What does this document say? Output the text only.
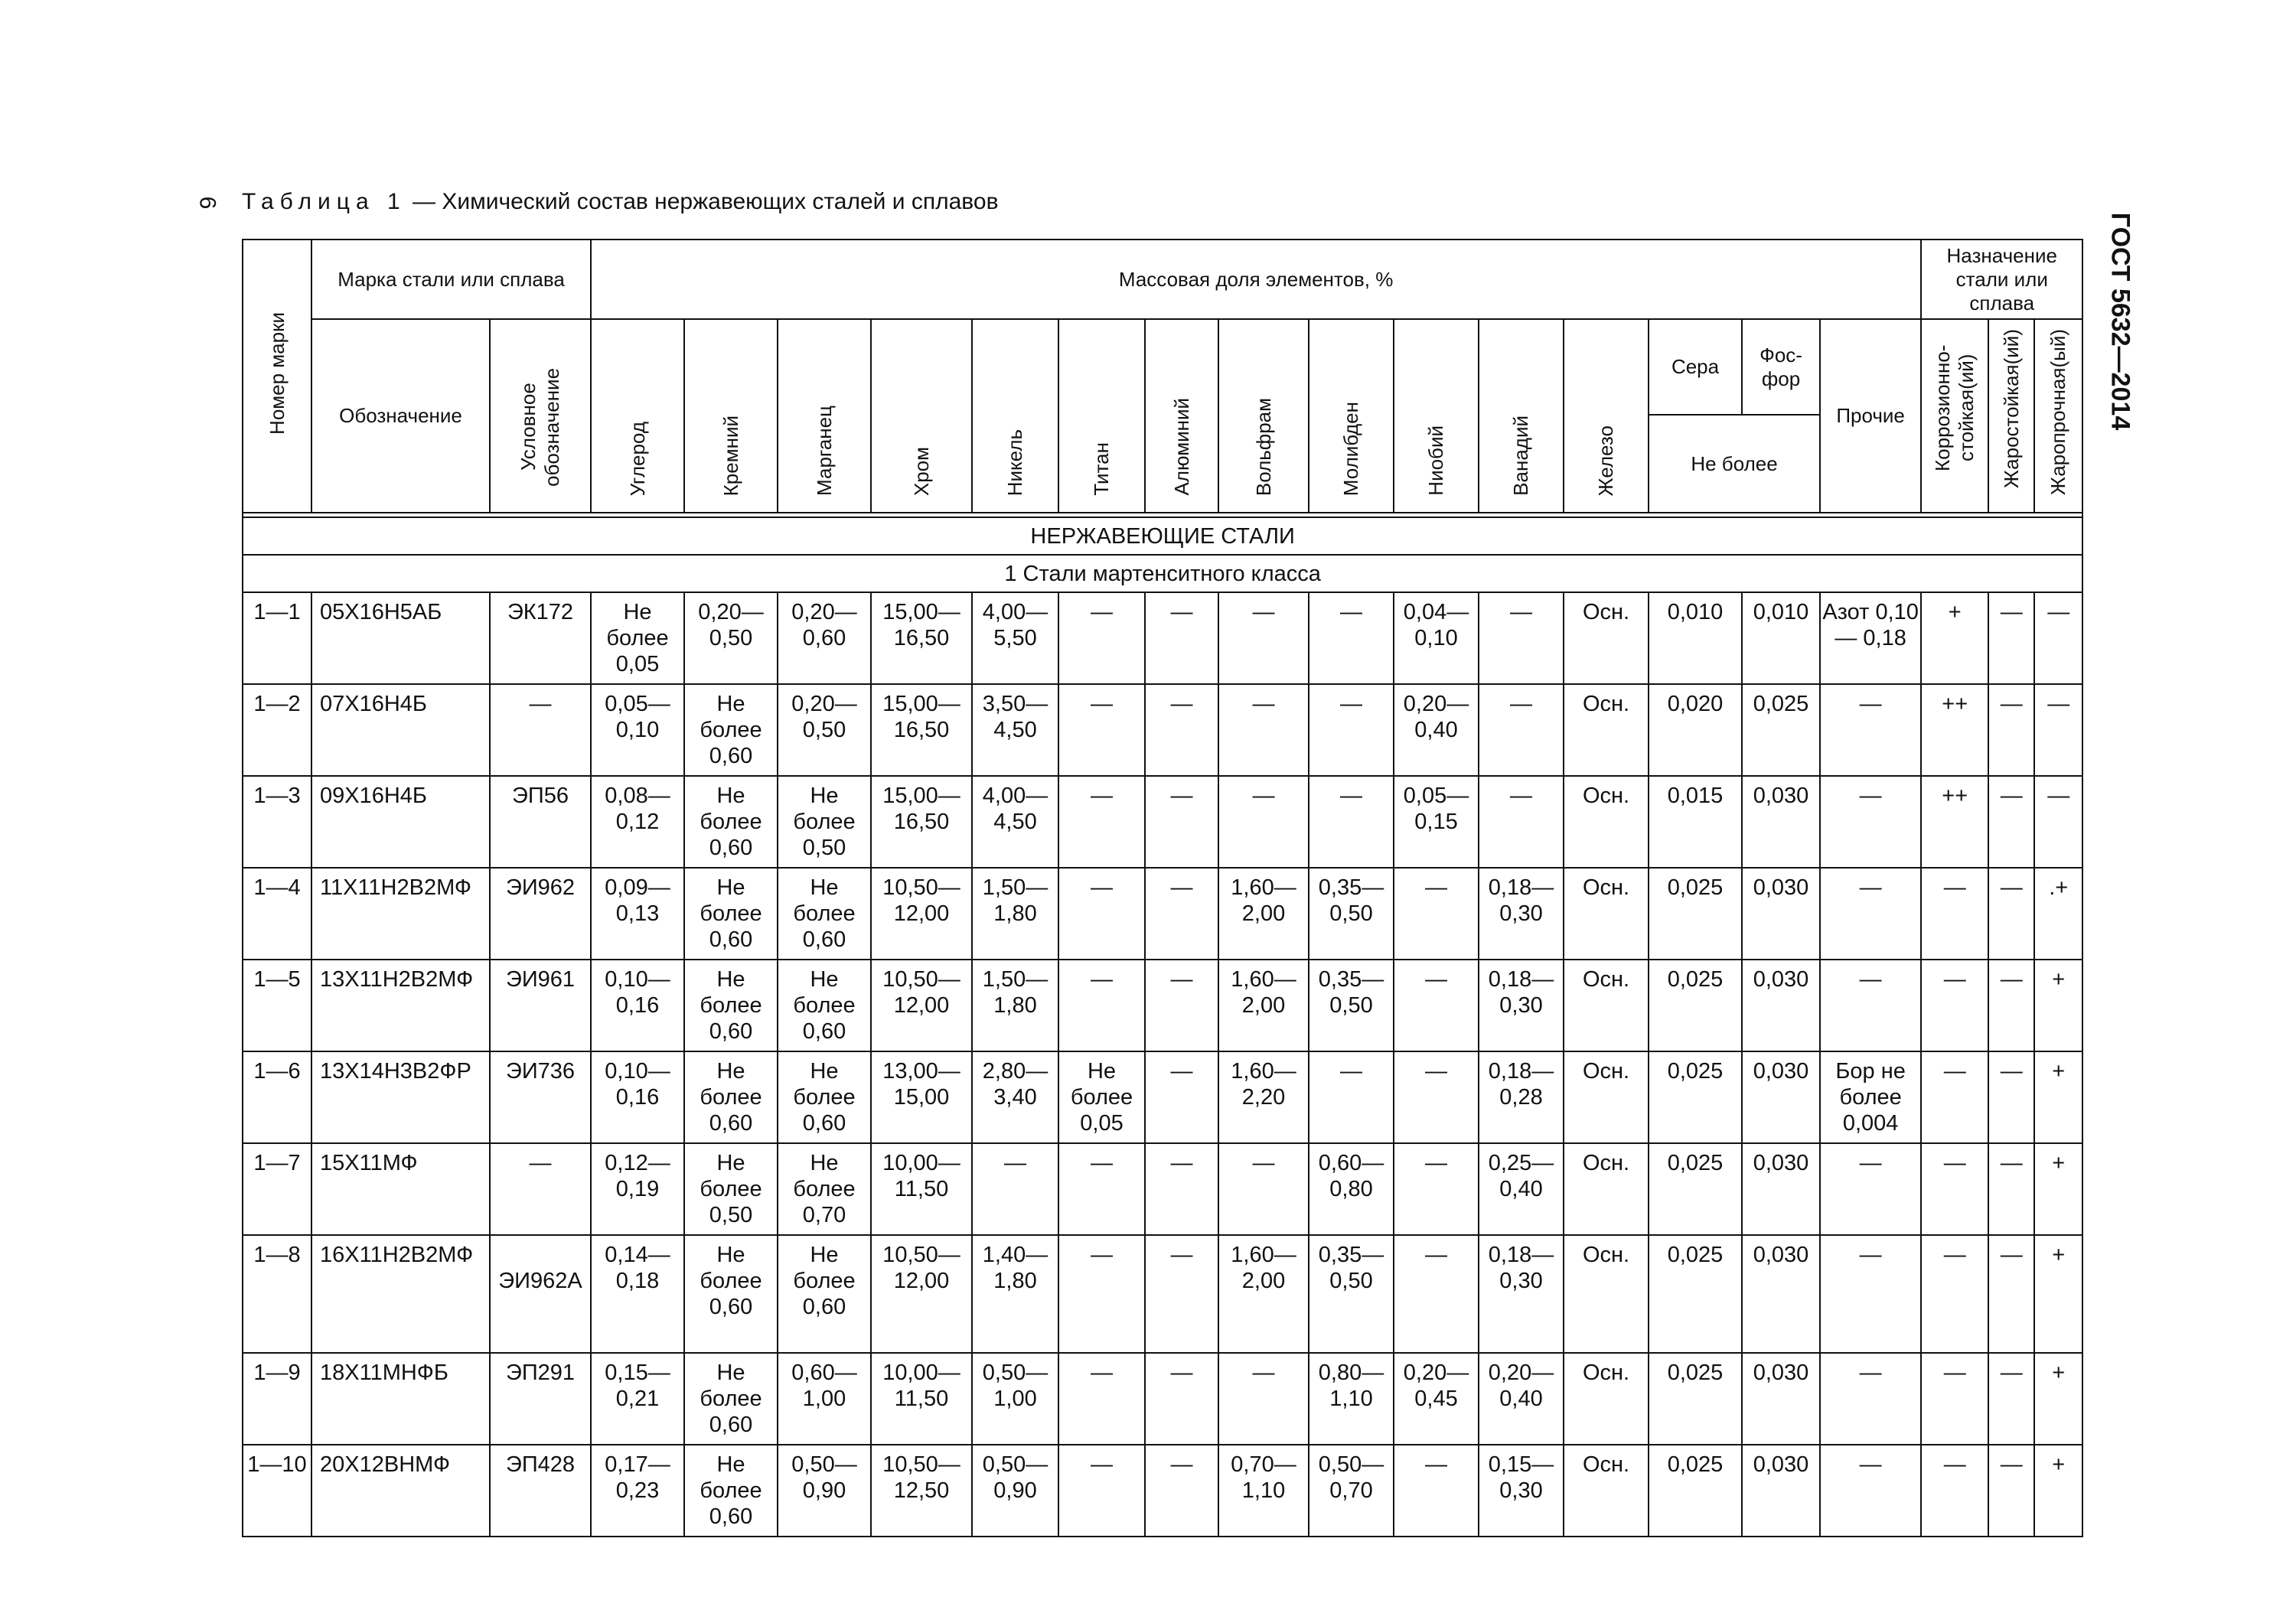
6 Таблица 1 — Химический состав нержавеющих сталей и сплавов
ГОСТ 5632—2014
Номер марки	Марка стали или сплава		Массовая доля элементов, %															Назначение стали или сплава		
	Обозначение	Условное обозначение	Углерод	Кремний	Марганец	Хром	Никель	Титан	Алюминий	Вольфрам	Молибден	Ниобий	Ванадий	Железо	Сера	Фос-фор	Прочие	Коррозионно-стойкая(ий)	Жаростойкая(ий)	Жаропрочная(ый)
															Не более					

НЕРЖАВЕЮЩИЕ СТАЛИ																				
1 Стали мартенситного класса																				
1—1	05Х16Н5АБ	ЭК172	Не более 0,05	0,20— 0,50	0,20— 0,60	15,00— 16,50	4,00— 5,50	—	—	—	—	0,04— 0,10	—	Осн.	0,010	0,010	Азот 0,10— 0,18	+	—	—
1—2	07Х16Н4Б	—	0,05— 0,10	Не более 0,60	0,20— 0,50	15,00— 16,50	3,50— 4,50	—	—	—	—	0,20— 0,40	—	Осн.	0,020	0,025	—	++	—	—
1—3	09Х16Н4Б	ЭП56	0,08— 0,12	Не более 0,60	Не более 0,50	15,00— 16,50	4,00— 4,50	—	—	—	—	0,05— 0,15	—	Осн.	0,015	0,030	—	++	—	—
1—4	11Х11Н2В2МФ	ЭИ962	0,09— 0,13	Не более 0,60	Не более 0,60	10,50— 12,00	1,50— 1,80	—	—	1,60— 2,00	0,35— 0,50	—	0,18— 0,30	Осн.	0,025	0,030	—	—	—	.+
1—5	13Х11Н2В2МФ	ЭИ961	0,10— 0,16	Не более 0,60	Не более 0,60	10,50— 12,00	1,50— 1,80	—	—	1,60— 2,00	0,35— 0,50	—	0,18— 0,30	Осн.	0,025	0,030	—	—	—	+
1—6	13Х14Н3В2ФР	ЭИ736	0,10— 0,16	Не более 0,60	Не более 0,60	13,00— 15,00	2,80— 3,40	Не более 0,05	—	1,60— 2,20	—	—	0,18— 0,28	Осн.	0,025	0,030	Бор не более 0,004	—	—	+
1—7	15Х11МФ	—	0,12— 0,19	Не более 0,50	Не более 0,70	10,00— 11,50	—	—	—	—	0,60— 0,80	—	0,25— 0,40	Осн.	0,025	0,030	—	—	—	+
1—8	16Х11Н2В2МФ	ЭИ962А	0,14— 0,18	Не более 0,60	Не более 0,60	10,50— 12,00	1,40— 1,80	—	—	1,60— 2,00	0,35— 0,50	—	0,18— 0,30	Осн.	0,025	0,030	—	—	—	+
1—9	18Х11МНФБ	ЭП291	0,15— 0,21	Не более 0,60	0,60— 1,00	10,00— 11,50	0,50— 1,00	—	—	—	0,80— 1,10	0,20— 0,45	0,20— 0,40	Осн.	0,025	0,030	—	—	—	+
1—10	20Х12ВНМФ	ЭП428	0,17— 0,23	Не более 0,60	0,50— 0,90	10,50— 12,50	0,50— 0,90	—	—	0,70— 1,10	0,50— 0,70	—	0,15— 0,30	Осн.	0,025	0,030	—	—	—	+
